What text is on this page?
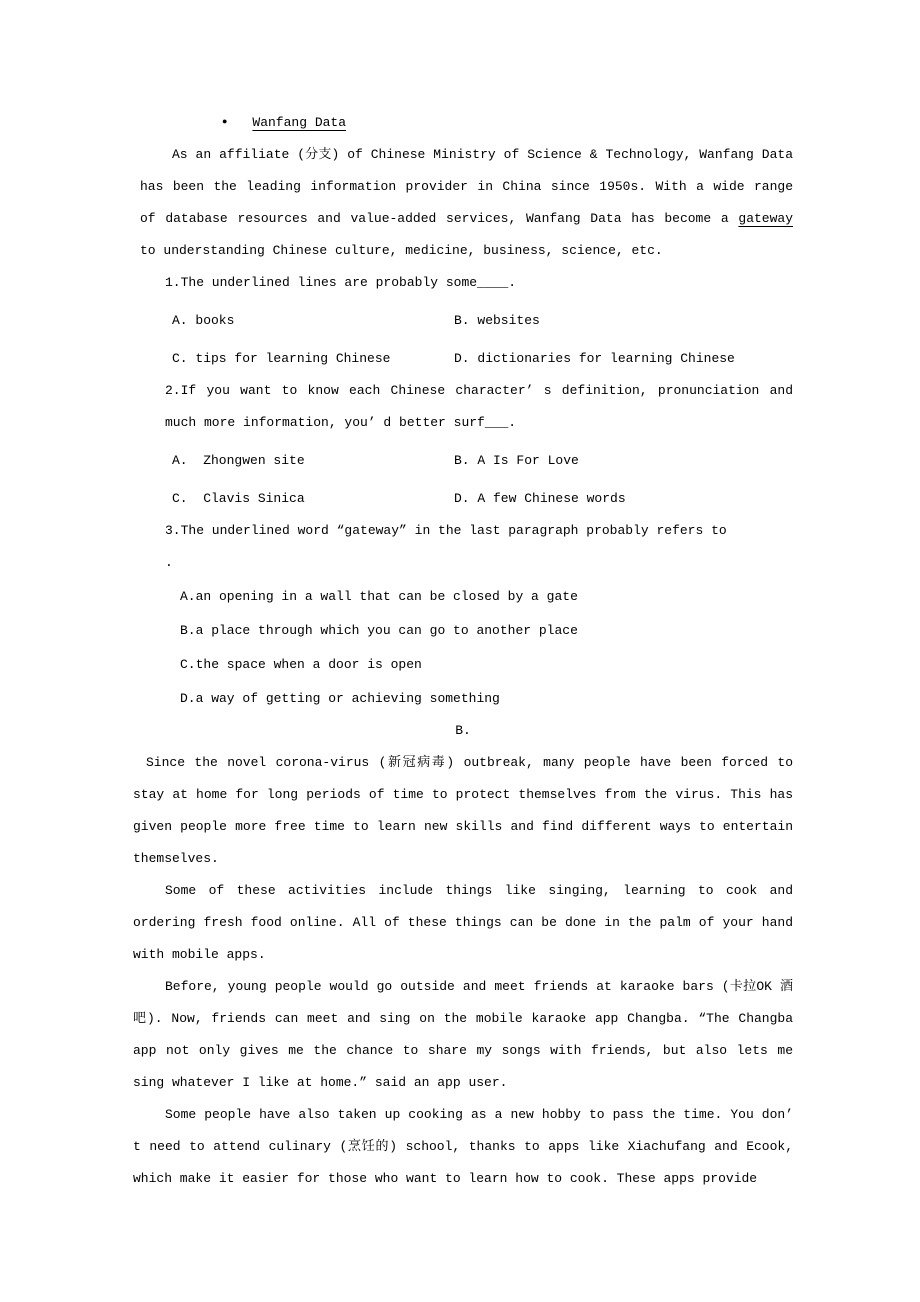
● Wanfang Data

As an affiliate (分支) of Chinese Ministry of Science & Technology, Wanfang Data has been the leading information provider in China since 1950s. With a wide range of database resources and value-added services, Wanfang Data has become a gateway to understanding Chinese culture, medicine, business, science, etc.

1.The underlined lines are probably some____.

A. books	B. websites
C. tips for learning Chinese	D. dictionaries for learning Chinese

2.If you want to know each Chinese character’ s definition, pronunciation and much more information, you’ d better surf___.

A.  Zhongwen site	B. A Is For Love
C.  Clavis Sinica	D. A few Chinese words

3.The underlined word “gateway” in the last paragraph probably refers to

.

A.an opening in a wall that can be closed by a gate

B.a place through which you can go to another place

C.the space when a door is open

D.a way of getting or achieving something

B.

Since the novel corona-virus (新冠病毒) outbreak, many people have been forced to stay at home for long periods of time to protect themselves from the virus. This has given people more free time to learn new skills and find different ways to entertain themselves.

Some of these activities include things like singing, learning to cook and ordering fresh food online. All of these things can be done in the palm of your hand with mobile apps.

Before, young people would go outside and meet friends at karaoke bars (卡拉OK 酒吧). Now, friends can meet and sing on the mobile karaoke app Changba. “The Changba app not only gives me the chance to share my songs with friends, but also lets me sing whatever I like at home.” said an app user.

Some people have also taken up cooking as a new hobby to pass the time. You don’ t need to attend culinary (烹饪的) school, thanks to apps like Xiachufang and Ecook, which make it easier for those who want to learn how to cook. These apps provide
